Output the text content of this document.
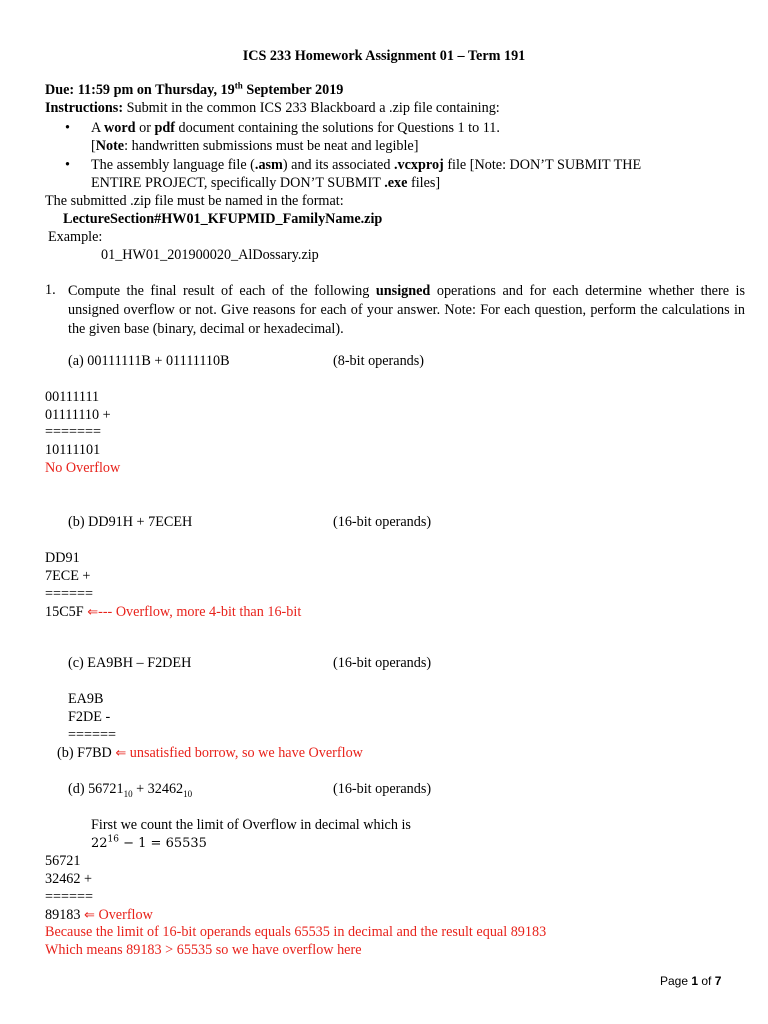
ICS 233 Homework Assignment 01 – Term 191
Due: 11:59 pm on Thursday, 19th September 2019
Instructions: Submit in the common ICS 233 Blackboard a .zip file containing:
• A word or pdf document containing the solutions for Questions 1 to 11.
[Note: handwritten submissions must be neat and legible]
• The assembly language file (.asm) and its associated .vcxproj file [Note: DON’T SUBMIT THE
ENTIRE PROJECT, specifically DON’T SUBMIT .exe files]
The submitted .zip file must be named in the format:
LectureSection#HW01_KFUPMID_FamilyName.zip
Example:
01_HW01_201900020_AlDossary.zip
1. Compute the final result of each of the following unsigned operations and for each determine whether there is unsigned overflow or not. Give reasons for each of your answer. Note: For each question, perform the calculations in the given base (binary, decimal or hexadecimal).
(a) 00111111B + 01111110B	(8-bit operands)
00111111
01111110 +
=======
10111101
No Overflow
(b) DD91H + 7ECEH	(16-bit operands)
DD91
7ECE +
======
15C5F ⇐--- Overflow, more 4-bit than 16-bit
(c) EA9BH – F2DEH	(16-bit operands)
EA9B
F2DE -
======
(b) F7BD ⇐ unsatisfied borrow, so we have Overflow
(d) $56721_{10} + 32462_{10}$	(16-bit operands)
First we count the limit of Overflow in decimal which is
$22^{16} - 1 = 65535$
56721
32462 +
======
89183 ⇐ Overflow
Because the limit of 16-bit operands equals 65535 in decimal and the result equal 89183
Which means 89183 > 65535 so we have overflow here
Page 1 of 7
